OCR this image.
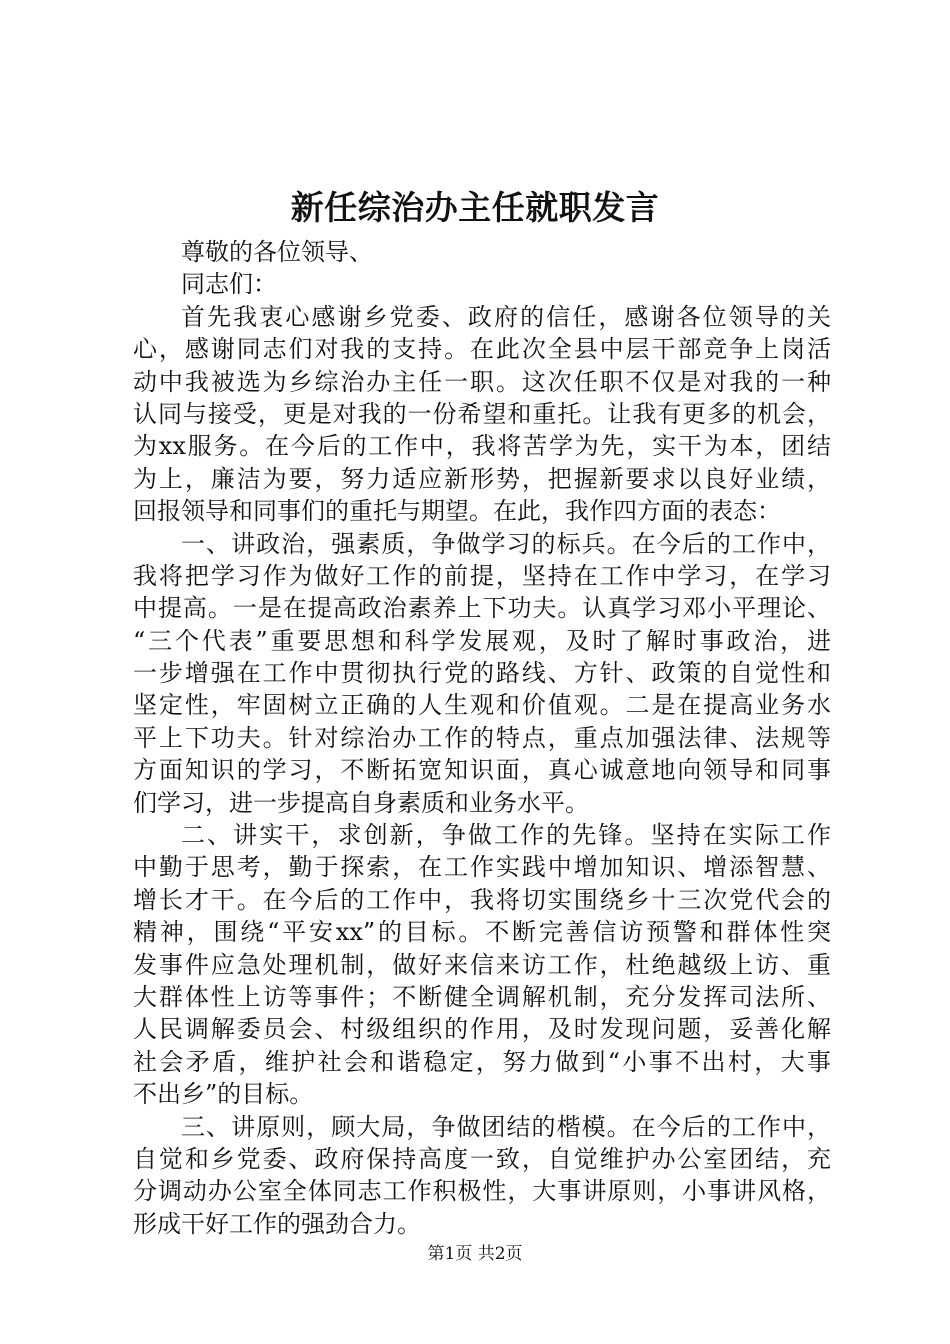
新任综治办主任就职发言

尊敬的各位领导、

同志们：

首先我衷心感谢乡党委、政府的信任，感谢各位领导的关

心，感谢同志们对我的支持。在此次全县中层干部竞争上岗活

动中我被选为乡综治办主任一职。这次任职不仅是对我的一种

认同与接受，更是对我的一份希望和重托。让我有更多的机会，

为xx服务。在今后的工作中，我将苦学为先，实干为本，团结

为上，廉洁为要，努力适应新形势，把握新要求以良好业绩，

回报领导和同事们的重托与期望。在此，我作四方面的表态：

一、讲政治，强素质，争做学习的标兵。在今后的工作中，

我将把学习作为做好工作的前提，坚持在工作中学习，在学习

中提高。一是在提高政治素养上下功夫。认真学习邓小平理论、

“三个代表”重要思想和科学发展观，及时了解时事政治，进

一步增强在工作中贯彻执行党的路线、方针、政策的自觉性和

坚定性，牢固树立正确的人生观和价值观。二是在提高业务水

平上下功夫。针对综治办工作的特点，重点加强法律、法规等

方面知识的学习，不断拓宽知识面，真心诚意地向领导和同事

们学习，进一步提高自身素质和业务水平。

二、讲实干，求创新，争做工作的先锋。坚持在实际工作

中勤于思考，勤于探索，在工作实践中增加知识、增添智慧、

增长才干。在今后的工作中，我将切实围绕乡十三次党代会的

精神，围绕“平安xx”的目标。不断完善信访预警和群体性突

发事件应急处理机制，做好来信来访工作，杜绝越级上访、重

大群体性上访等事件；不断健全调解机制，充分发挥司法所、

人民调解委员会、村级组织的作用，及时发现问题，妥善化解

社会矛盾，维护社会和谐稳定，努力做到“小事不出村，大事

不出乡”的目标。

三、讲原则，顾大局，争做团结的楷模。在今后的工作中，

自觉和乡党委、政府保持高度一致，自觉维护办公室团结，充

分调动办公室全体同志工作积极性，大事讲原则，小事讲风格，

形成干好工作的强劲合力。

第1页 共2页
